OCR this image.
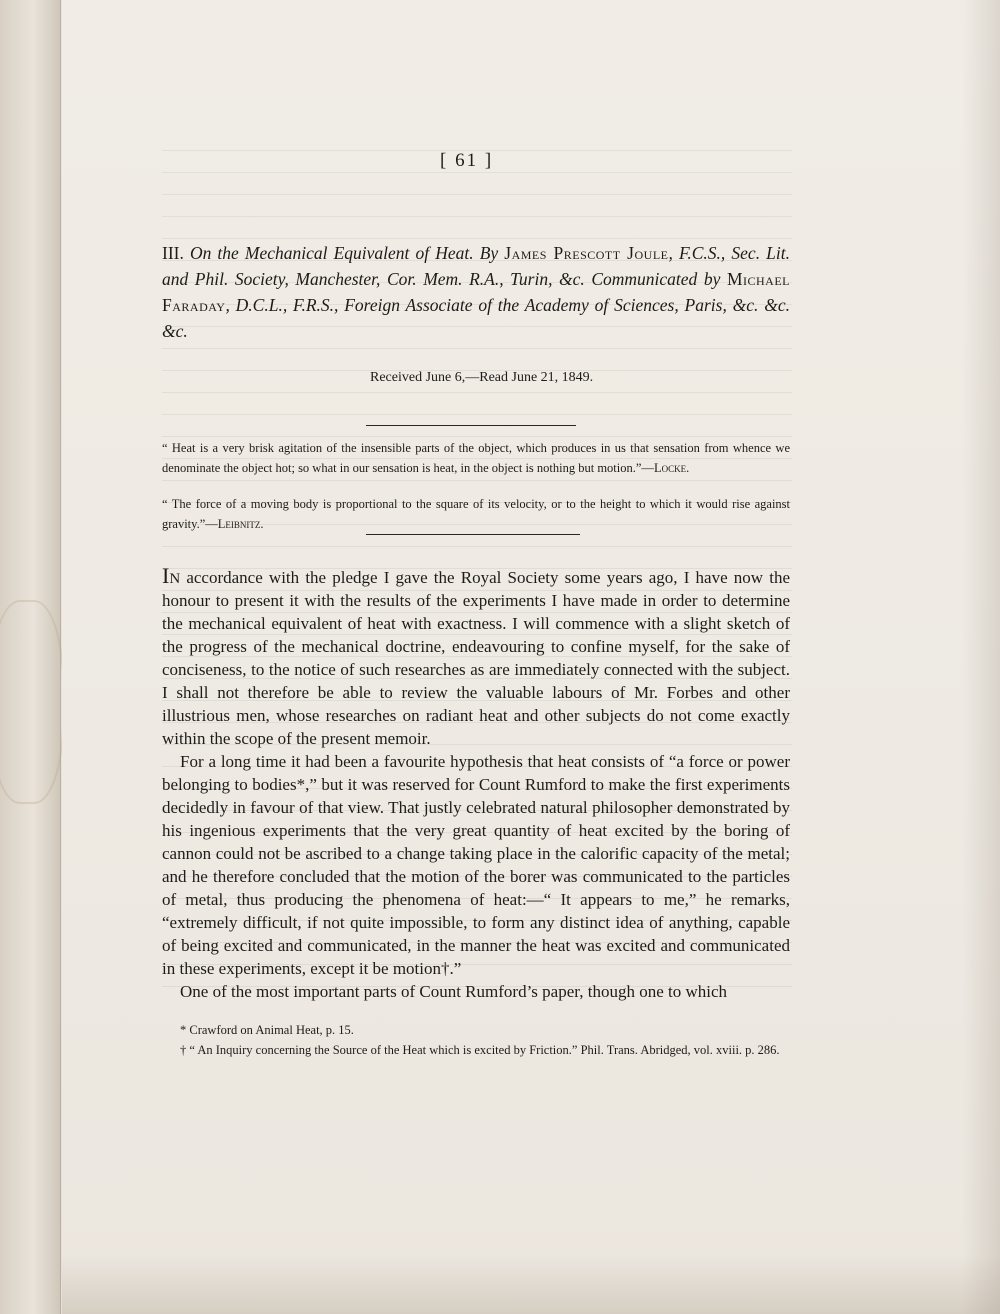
[ 61 ]
III. On the Mechanical Equivalent of Heat. By James Prescott Joule, F.C.S., Sec. Lit. and Phil. Society, Manchester, Cor. Mem. R.A., Turin, &c. Communicated by Michael Faraday, D.C.L., F.R.S., Foreign Associate of the Academy of Sciences, Paris, &c. &c. &c.
Received June 6,—Read June 21, 1849.
“ Heat is a very brisk agitation of the insensible parts of the object, which produces in us that sensation from whence we denominate the object hot; so what in our sensation is heat, in the object is nothing but motion.”—Locke.
“ The force of a moving body is proportional to the square of its velocity, or to the height to which it would rise against gravity.”—Leibnitz.

In accordance with the pledge I gave the Royal Society some years ago, I have now the honour to present it with the results of the experiments I have made in order to determine the mechanical equivalent of heat with exactness. I will commence with a slight sketch of the progress of the mechanical doctrine, endeavouring to confine myself, for the sake of conciseness, to the notice of such researches as are immediately connected with the subject. I shall not therefore be able to review the valuable labours of Mr. Forbes and other illustrious men, whose researches on radiant heat and other subjects do not come exactly within the scope of the present memoir.

For a long time it had been a favourite hypothesis that heat consists of “a force or power belonging to bodies*,” but it was reserved for Count Rumford to make the first experiments decidedly in favour of that view. That justly celebrated natural philosopher demonstrated by his ingenious experiments that the very great quantity of heat excited by the boring of cannon could not be ascribed to a change taking place in the calorific capacity of the metal; and he therefore concluded that the motion of the borer was communicated to the particles of metal, thus producing the phenomena of heat:—“ It appears to me,” he remarks, “extremely difficult, if not quite impossible, to form any distinct idea of anything, capable of being excited and communicated, in the manner the heat was excited and communicated in these experiments, except it be motion†.”

One of the most important parts of Count Rumford’s paper, though one to which

* Crawford on Animal Heat, p. 15.

† “ An Inquiry concerning the Source of the Heat which is excited by Friction.” Phil. Trans. Abridged, vol. xviii. p. 286.
